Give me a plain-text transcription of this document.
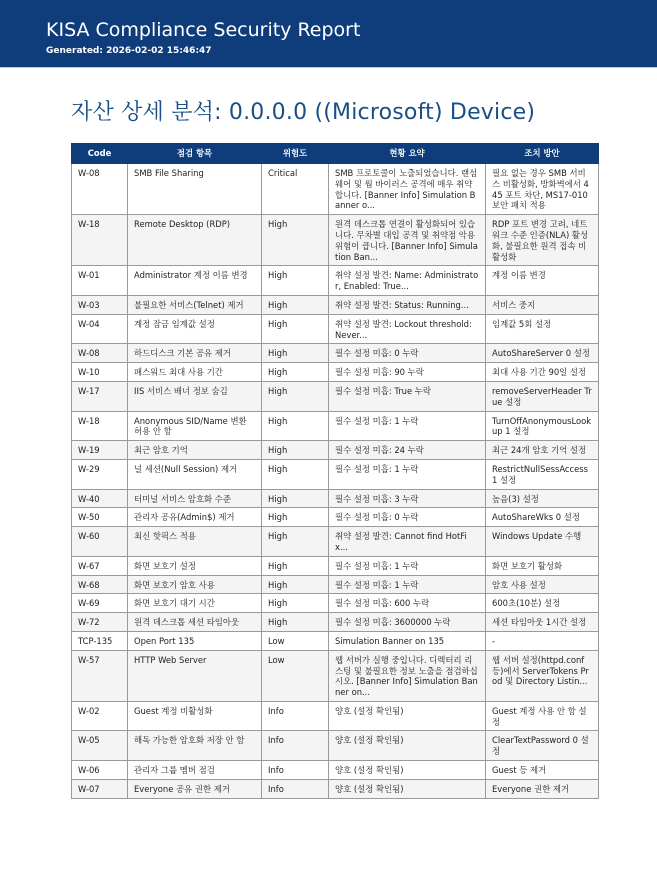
KISA Compliance Security Report
Generated: 2026-02-02 15:46:47
자산 상세 분석: 0.0.0.0 ((Microsoft) Device)
Code	점검 항목	위험도	현황 요약	조치 방안
W-08	SMB File Sharing	Critical	SMB 프로토콜이 노출되었습니다. 랜섬웨어 및 웜 바이러스 공격에 매우 취약합니다. [Banner Info] Simulation Banner o...	필요 없는 경우 SMB 서비스 비활성화, 방화벽에서 445 포트 차단, MS17-010 보안 패치 적용
W-18	Remote Desktop (RDP)	High	원격 데스크톱 연결이 활성화되어 있습니다. 무차별 대입 공격 및 취약점 악용 위험이 큽니다. [Banner Info] Simulation Ban...	RDP 포트 변경 고려, 네트워크 수준 인증(NLA) 활성화, 불필요한 원격 접속 비활성화
W-01	Administrator 계정 이름 변경	High	취약 설정 발견: Name: Administrator, Enabled: True...	계정 이름 변경
W-03	불필요한 서비스(Telnet) 제거	High	취약 설정 발견: Status: Running...	서비스 중지
W-04	계정 잠금 임계값 설정	High	취약 설정 발견: Lockout threshold: Never...	임계값 5회 설정
W-08	하드디스크 기본 공유 제거	High	필수 설정 미흡: 0 누락	AutoShareServer 0 설정
W-10	패스워드 최대 사용 기간	High	필수 설정 미흡: 90 누락	최대 사용 기간 90일 설정
W-17	IIS 서비스 배너 정보 숨김	High	필수 설정 미흡: True 누락	removeServerHeader True 설정
W-18	Anonymous SID/Name 변환 허용 안 함	High	필수 설정 미흡: 1 누락	TurnOffAnonymousLookup 1 설정
W-19	최근 암호 기억	High	필수 설정 미흡: 24 누락	최근 24개 암호 기억 설정
W-29	널 세션(Null Session) 제거	High	필수 설정 미흡: 1 누락	RestrictNullSessAccess 1 설정
W-40	터미널 서비스 암호화 수준	High	필수 설정 미흡: 3 누락	높음(3) 설정
W-50	관리자 공유(Admin$) 제거	High	필수 설정 미흡: 0 누락	AutoShareWks 0 설정
W-60	최신 핫픽스 적용	High	취약 설정 발견: Cannot find HotFix...	Windows Update 수행
W-67	화면 보호기 설정	High	필수 설정 미흡: 1 누락	화면 보호기 활성화
W-68	화면 보호기 암호 사용	High	필수 설정 미흡: 1 누락	암호 사용 설정
W-69	화면 보호기 대기 시간	High	필수 설정 미흡: 600 누락	600초(10분) 설정
W-72	원격 데스크톱 세션 타임아웃	High	필수 설정 미흡: 3600000 누락	세션 타임아웃 1시간 설정
TCP-135	Open Port 135	Low	Simulation Banner on 135	-
W-57	HTTP Web Server	Low	웹 서버가 실행 중입니다. 디렉터리 리스팅 및 불필요한 정보 노출을 점검하십시오. [Banner Info] Simulation Banner on...	웹 서버 설정(httpd.conf 등)에서 ServerTokens Prod 및 Directory Listin...
W-02	Guest 계정 비활성화	Info	양호 (설정 확인됨)	Guest 계정 사용 안 함 설정
W-05	해독 가능한 암호화 저장 안 함	Info	양호 (설정 확인됨)	ClearTextPassword 0 설정
W-06	관리자 그룹 멤버 점검	Info	양호 (설정 확인됨)	Guest 등 제거
W-07	Everyone 공유 권한 제거	Info	양호 (설정 확인됨)	Everyone 권한 제거
